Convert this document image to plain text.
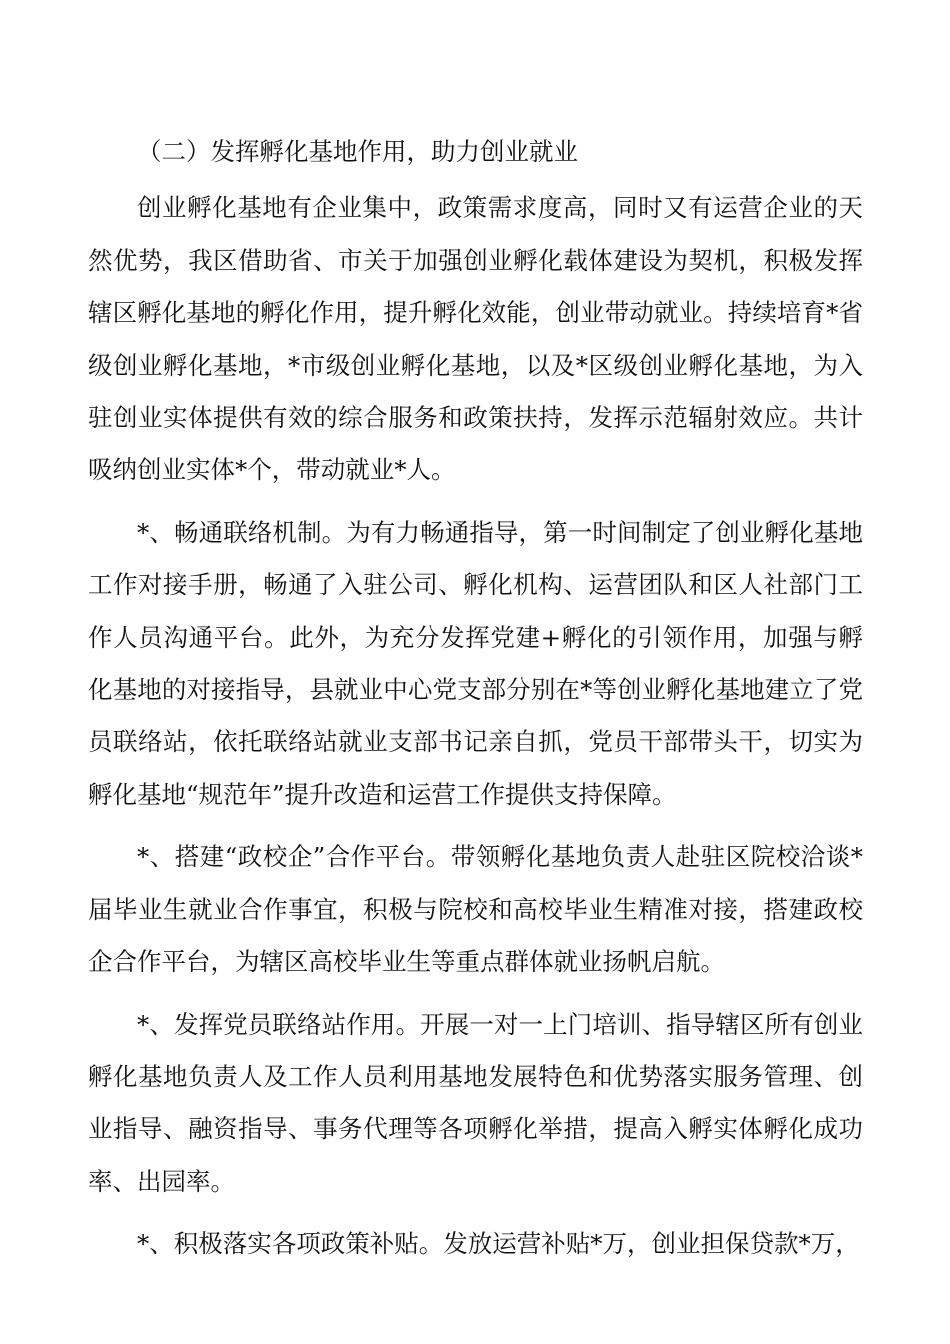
（二）发挥孵化基地作用，助力创业就业

创业孵化基地有企业集中，政策需求度高，同时又有运营企业的天然优势，我区借助省、市关于加强创业孵化载体建设为契机，积极发挥辖区孵化基地的孵化作用，提升孵化效能，创业带动就业。持续培育*省级创业孵化基地，*市级创业孵化基地，以及*区级创业孵化基地，为入驻创业实体提供有效的综合服务和政策扶持，发挥示范辐射效应。共计吸纳创业实体*个，带动就业*人。

*、畅通联络机制。为有力畅通指导，第一时间制定了创业孵化基地工作对接手册，畅通了入驻公司、孵化机构、运营团队和区人社部门工作人员沟通平台。此外，为充分发挥党建+孵化的引领作用，加强与孵化基地的对接指导，县就业中心党支部分别在*等创业孵化基地建立了党员联络站，依托联络站就业支部书记亲自抓，党员干部带头干，切实为孵化基地“规范年”提升改造和运营工作提供支持保障。

*、搭建“政校企”合作平台。带领孵化基地负责人赴驻区院校洽谈*届毕业生就业合作事宜，积极与院校和高校毕业生精准对接，搭建政校企合作平台，为辖区高校毕业生等重点群体就业扬帆启航。

*、发挥党员联络站作用。开展一对一上门培训、指导辖区所有创业孵化基地负责人及工作人员利用基地发展特色和优势落实服务管理、创业指导、融资指导、事务代理等各项孵化举措，提高入孵实体孵化成功率、出园率。

*、积极落实各项政策补贴。发放运营补贴*万，创业担保贷款*万，
